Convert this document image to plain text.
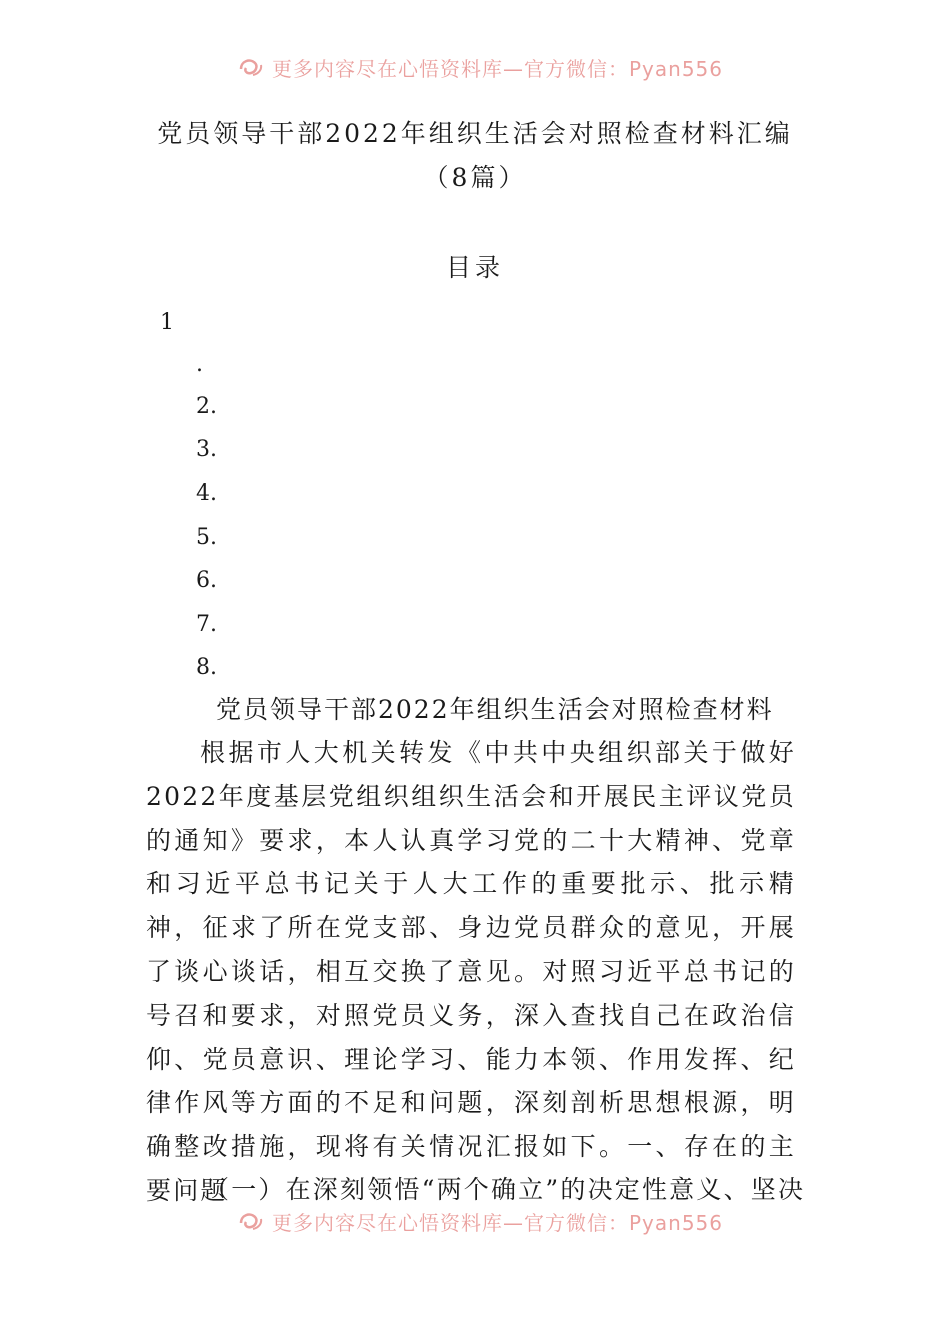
更多内容尽在心悟资料库—官方微信：Pyan556
党员领导干部2022年组织生活会对照检查材料汇编（8篇）
目录
1
.
2.
3.
4.
5.
6.
7.
8.
党员领导干部2022年组织生活会对照检查材料

根据市人大机关转发《中共中央组织部关于做好2022年度基层党组织组织生活会和开展民主评议党员的通知》要求，本人认真学习党的二十大精神、党章和习近平总书记关于人大工作的重要批示、批示精神，征求了所在党支部、身边党员群众的意见，开展了谈心谈话，相互交换了意见。对照习近平总书记的号召和要求，对照党员义务，深入查找自己在政治信仰、党员意识、理论学习、能力本领、作用发挥、纪律作风等方面的不足和问题，深刻剖析思想根源，明确整改措施，现将有关情况汇报如下。一、存在的主要问题

（一）在深刻领悟“两个确立”的决定性意义、坚决
更多内容尽在心悟资料库—官方微信：Pyan556
